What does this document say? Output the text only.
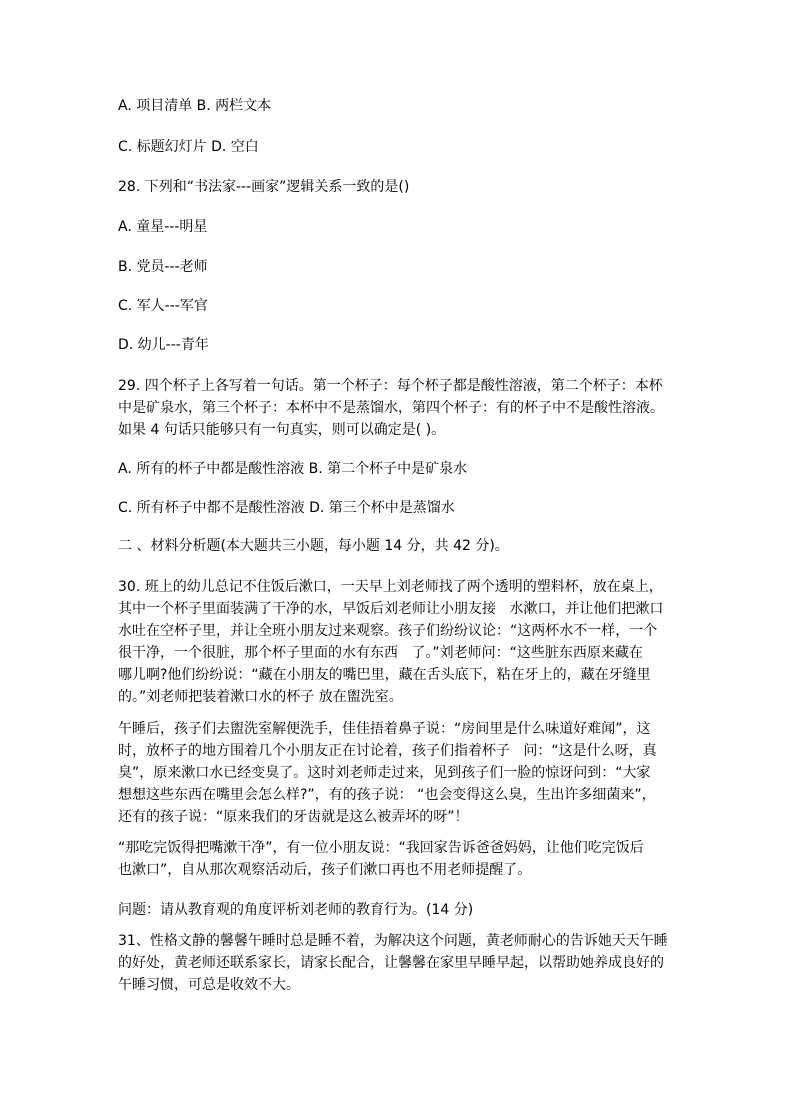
A. 项目清单 B. 两栏文本
C. 标题幻灯片 D. 空白
28. 下列和“书法家---画家”逻辑关系一致的是()
A. 童星---明星
B. 党员---老师
C. 军人---军官
D. 幼儿---青年
29. 四个杯子上各写着一句话。第一个杯子：每个杯子都是酸性溶液，第二个杯子：本杯
中是矿泉水，第三个杯子：本杯中不是蒸馏水，第四个杯子：有的杯子中不是酸性溶液。
如果 4 句话只能够只有一句真实，则可以确定是( )。
A. 所有的杯子中都是酸性溶液 B. 第二个杯子中是矿泉水
C. 所有杯子中都不是酸性溶液 D. 第三个杯中是蒸馏水
二 、材料分析题(本大题共三小题，每小题 14 分，共 42 分)。
30. 班上的幼儿总记不住饭后漱口，一天早上刘老师找了两个透明的塑料杯，放在桌上，
其中一个杯子里面装满了干净的水，早饭后刘老师让小朋友接   水漱口，并让他们把漱口
水吐在空杯子里，并让全班小朋友过来观察。孩子们纷纷议论：“这两杯水不一样，一个
很干净，一个很脏，那个杯子里面的水有东西   了。”刘老师问：“这些脏东西原来藏在
哪儿啊?他们纷纷说：“藏在小朋友的嘴巴里，藏在舌头底下，粘在牙上的，藏在牙缝里
的。”刘老师把装着漱口水的杯子 放在盥洗室。
午睡后，孩子们去盥洗室解便洗手，佳佳捂着鼻子说：“房间里是什么味道好难闻”，这
时，放杯子的地方围着几个小朋友正在讨论着，孩子们指着杯子   问：“这是什么呀，真
臭”，原来漱口水已经变臭了。这时刘老师走过来，见到孩子们一脸的惊讶问到：“大家
想想这些东西在嘴里会怎么样?”，有的孩子说： “也会变得这么臭，生出许多细菌来”，
还有的孩子说：“原来我们的牙齿就是这么被弄坏的呀”！
“那吃完饭得把嘴漱干净”，有一位小朋友说：“我回家告诉爸爸妈妈，让他们吃完饭后
也漱口”，自从那次观察活动后，孩子们漱口再也不用老师提醒了。
问题：请从教育观的角度评析刘老师的教育行为。(14 分)
31、性格文静的馨馨午睡时总是睡不着，为解决这个问题，黄老师耐心的告诉她天天午睡
的好处，黄老师还联系家长，请家长配合，让馨馨在家里早睡早起，以帮助她养成良好的
午睡习惯，可总是收效不大。
